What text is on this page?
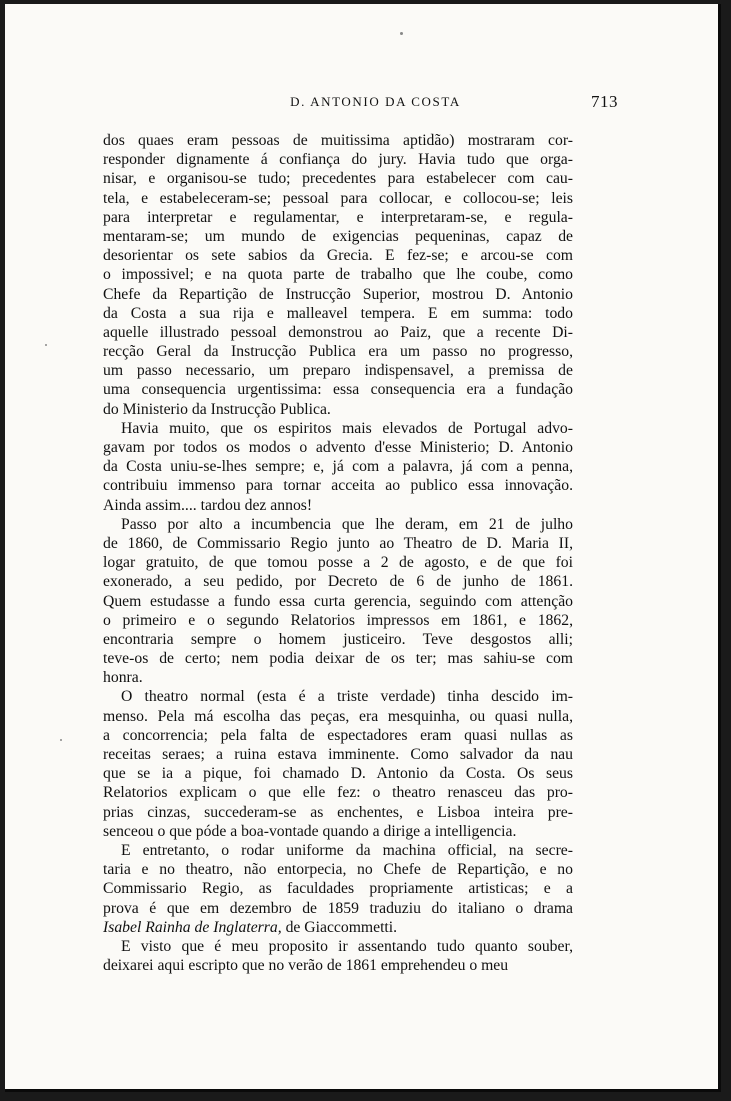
D. ANTONIO DA COSTA	713
dos quaes eram pessoas de muitissima aptidão) mostraram cor-
responder dignamente á confiança do jury. Havia tudo que orga-
nisar, e organisou-se tudo; precedentes para estabelecer com cau-
tela, e estabeleceram-se; pessoal para collocar, e collocou-se; leis
para interpretar e regulamentar, e interpretaram-se, e regula-
mentaram-se; um mundo de exigencias pequeninas, capaz de
desorientar os sete sabios da Grecia. E fez-se; e arcou-se com
o impossivel; e na quota parte de trabalho que lhe coube, como
Chefe da Repartição de Instrucção Superior, mostrou D. Antonio
da Costa a sua rija e malleavel tempera. E em summa: todo
aquelle illustrado pessoal demonstrou ao Paiz, que a recente Di-
recção Geral da Instrucção Publica era um passo no progresso,
um passo necessario, um preparo indispensavel, a premissa de
uma consequencia urgentissima: essa consequencia era a fundação
do Ministerio da Instrucção Publica.
Havia muito, que os espiritos mais elevados de Portugal advo-
gavam por todos os modos o advento d'esse Ministerio; D. Antonio
da Costa uniu-se-lhes sempre; e, já com a palavra, já com a penna,
contribuiu immenso para tornar acceita ao publico essa innovação.
Ainda assim.... tardou dez annos!
Passo por alto a incumbencia que lhe deram, em 21 de julho
de 1860, de Commissario Regio junto ao Theatro de D. Maria II,
logar gratuito, de que tomou posse a 2 de agosto, e de que foi
exonerado, a seu pedido, por Decreto de 6 de junho de 1861.
Quem estudasse a fundo essa curta gerencia, seguindo com attenção
o primeiro e o segundo Relatorios impressos em 1861, e 1862,
encontraria sempre o homem justiceiro. Teve desgostos alli;
teve-os de certo; nem podia deixar de os ter; mas sahiu-se com
honra.
O theatro normal (esta é a triste verdade) tinha descido im-
menso. Pela má escolha das peças, era mesquinha, ou quasi nulla,
a concorrencia; pela falta de espectadores eram quasi nullas as
receitas seraes; a ruina estava imminente. Como salvador da nau
que se ia a pique, foi chamado D. Antonio da Costa. Os seus
Relatorios explicam o que elle fez: o theatro renasceu das pro-
prias cinzas, succederam-se as enchentes, e Lisboa inteira pre-
senceou o que póde a boa-vontade quando a dirige a intelligencia.
E entretanto, o rodar uniforme da machina official, na secre-
taria e no theatro, não entorpecia, no Chefe de Repartição, e no
Commissario Regio, as faculdades propriamente artisticas; e a
prova é que em dezembro de 1859 traduziu do italiano o drama
Isabel Rainha de Inglaterra, de Giaccommetti.
E visto que é meu proposito ir assentando tudo quanto souber,
deixarei aqui escripto que no verão de 1861 emprehendeu o meu
